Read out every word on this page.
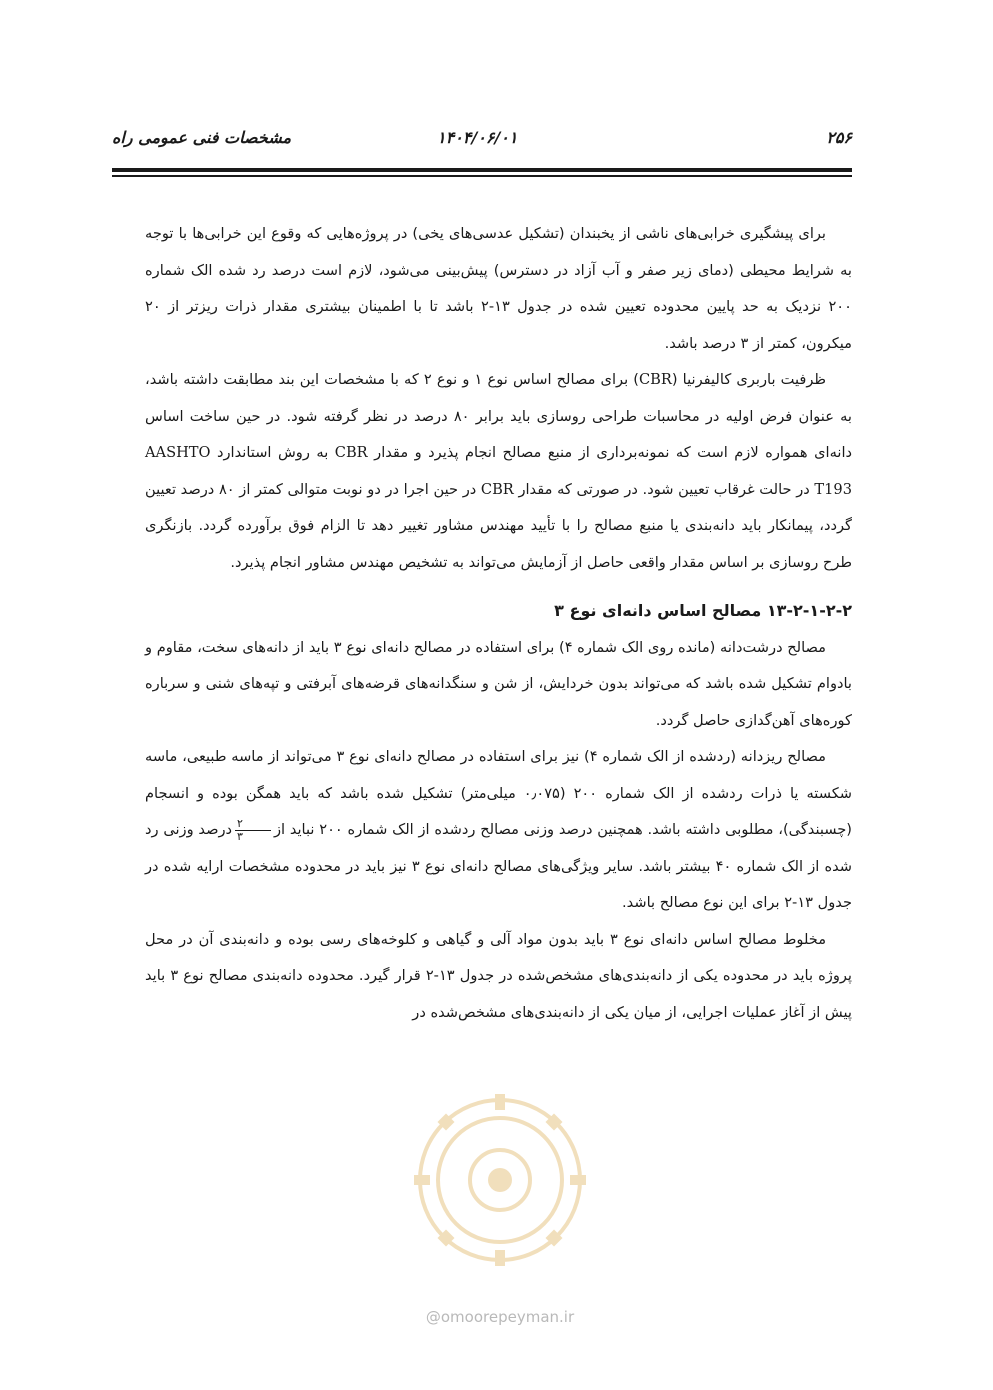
۲۵۶
۱۴۰۴/۰۶/۰۱
مشخصات فنی عمومی راه

برای پیشگیری خرابی‌های ناشی از یخبندان (تشکیل عدسی‌های یخی) در پروژه‌هایی که وقوع این خرابی‌ها با توجه به شرایط محیطی (دمای زیر صفر و آب آزاد در دسترس) پیش‌بینی می‌شود، لازم است درصد رد شده الک شماره ۲۰۰ نزدیک به حد پایین محدوده تعیین شده در جدول ۱۳-۲ باشد تا با اطمینان بیشتری مقدار ذرات ریزتر از ۲۰ میکرون، کمتر از ۳ درصد باشد.

ظرفیت باربری کالیفرنیا (CBR) برای مصالح اساس نوع ۱ و نوع ۲ که با مشخصات این بند مطابقت داشته باشد، به عنوان فرض اولیه در محاسبات طراحی روسازی باید برابر ۸۰ درصد در نظر گرفته شود. در حین ساخت اساس دانه‌ای همواره لازم است که نمونه‌برداری از منبع مصالح انجام پذیرد و مقدار CBR به روش استاندارد AASHTO T193 در حالت غرقاب تعیین شود. در صورتی که مقدار CBR در حین اجرا در دو نوبت متوالی کمتر از ۸۰ درصد تعیین گردد، پیمانکار باید دانه‌بندی یا منبع مصالح را با تأیید مهندس مشاور تغییر دهد تا الزام فوق برآورده گردد. بازنگری طرح روسازی بر اساس مقدار واقعی حاصل از آزمایش می‌تواند به تشخیص مهندس مشاور انجام پذیرد.

۱۳-۲-۱-۲-۲ مصالح اساس دانه‌ای نوع ۳

مصالح درشت‌دانه (مانده روی الک شماره ۴) برای استفاده در مصالح دانه‌ای نوع ۳ باید از دانه‌های سخت، مقاوم و بادوام تشکیل شده باشد که می‌تواند بدون خردایش، از شن و سنگدانه‌های قرضه‌های آبرفتی و تپه‌های شنی و سرباره کوره‌های آهن‌گدازی حاصل گردد.

مصالح ریزدانه (ردشده از الک شماره ۴) نیز برای استفاده در مصالح دانه‌ای نوع ۳ می‌تواند از ماسه طبیعی، ماسه شکسته یا ذرات ردشده از الک شماره ۲۰۰ (۰٫۰۷۵ میلی‌متر) تشکیل شده باشد که باید همگن بوده و انسجام (چسبندگی)، مطلوبی داشته باشد. همچنین درصد وزنی مصالح ردشده از الک شماره ۲۰۰ نباید از
$\frac{۲}{۳}$
درصد وزنی رد شده از الک شماره ۴۰ بیشتر باشد. سایر ویژگی‌های مصالح دانه‌ای نوع ۳ نیز باید در محدوده مشخصات ارایه شده در جدول ۱۳-۲ برای این نوع مصالح باشد.

مخلوط مصالح اساس دانه‌ای نوع ۳ باید بدون مواد آلی و گیاهی و کلوخه‌های رسی بوده و دانه‌بندی آن در محل پروژه باید در محدوده یکی از دانه‌بندی‌های مشخص‌شده در جدول ۱۳-۲ قرار گیرد. محدوده دانه‌بندی مصالح نوع ۳ باید پیش از آغاز عملیات اجرایی، از میان یکی از دانه‌بندی‌های مشخص‌شده در

@omoorepeyman.ir
